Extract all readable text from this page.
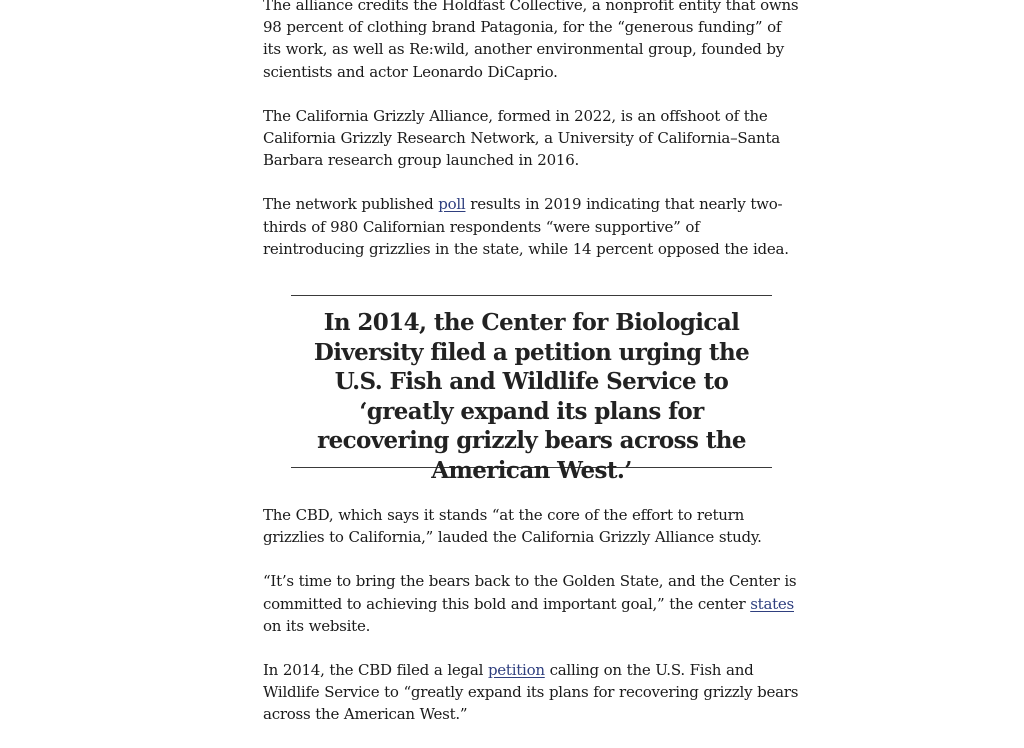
The alliance credits the Holdfast Collective, a nonprofit entity that owns 98 percent of clothing brand Patagonia, for the “generous funding” of its work, as well as Re:wild, another environmental group, founded by scientists and actor Leonardo DiCaprio.

The California Grizzly Alliance, formed in 2022, is an offshoot of the California Grizzly Research Network, a University of California–Santa Barbara research group launched in 2016.

The network published poll results in 2019 indicating that nearly two-thirds of 980 Californian respondents “were supportive” of reintroducing grizzlies in the state, while 14 percent opposed the idea.

In 2014, the Center for Biological Diversity filed a petition urging the U.S. Fish and Wildlife Service to ‘greatly expand its plans for recovering grizzly bears across the American West.’

The CBD, which says it stands “at the core of the effort to return grizzlies to California,” lauded the California Grizzly Alliance study.

“It’s time to bring the bears back to the Golden State, and the Center is committed to achieving this bold and important goal,” the center states on its website.

In 2014, the CBD filed a legal petition calling on the U.S. Fish and Wildlife Service to “greatly expand its plans for recovering grizzly bears across the American West.”
